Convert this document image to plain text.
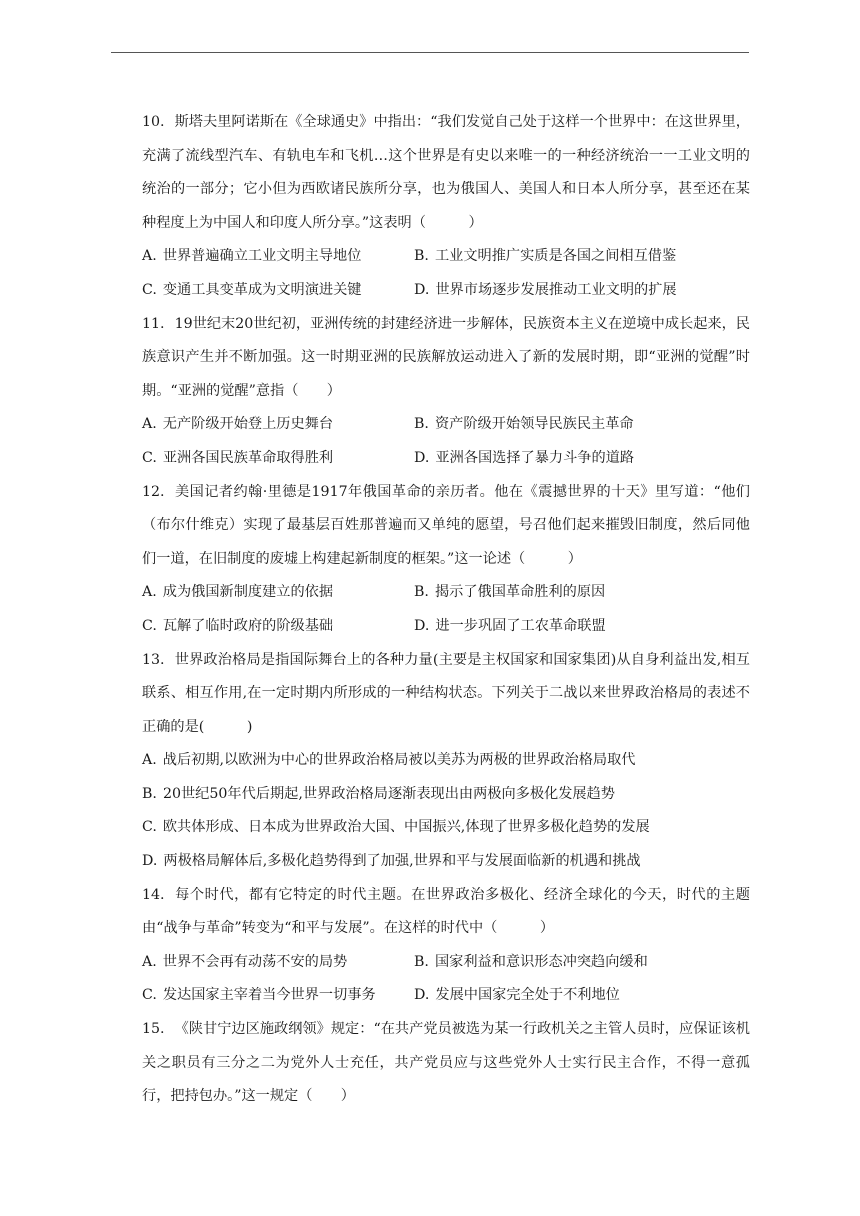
10. 斯塔夫里阿诺斯在《全球通史》中指出：“我们发觉自己处于这样一个世界中：在这世界里，充满了流线型汽车、有轨电车和飞机…这个世界是有史以来唯一的一种经济统治一一工业文明的统治的一部分；它小但为西欧诸民族所分享，也为俄国人、美国人和日本人所分享，甚至还在某种程度上为中国人和印度人所分享。”这表明（　　　）

A. 世界普遍确立工业文明主导地位	B. 工业文明推广实质是各国之间相互借鉴
C. 变通工具变革成为文明演进关键	D. 世界市场逐步发展推动工业文明的扩展

11. 19世纪末20世纪初，亚洲传统的封建经济进一步解体，民族资本主义在逆境中成长起来，民族意识产生并不断加强。这一时期亚洲的民族解放运动进入了新的发展时期，即“亚洲的觉醒”时期。“亚洲的觉醒”意指（　　）

A. 无产阶级开始登上历史舞台	B. 资产阶级开始领导民族民主革命
C. 亚洲各国民族革命取得胜利	D. 亚洲各国选择了暴力斗争的道路

12. 美国记者约翰·里德是1917年俄国革命的亲历者。他在《震撼世界的十天》里写道：“他们（布尔什维克）实现了最基层百姓那普遍而又单纯的愿望，号召他们起来摧毁旧制度，然后同他们一道，在旧制度的废墟上构建起新制度的框架。”这一论述（　　　）

A. 成为俄国新制度建立的依据	B. 揭示了俄国革命胜利的原因
C. 瓦解了临时政府的阶级基础	D. 进一步巩固了工农革命联盟

13. 世界政治格局是指国际舞台上的各种力量(主要是主权国家和国家集团)从自身利益出发,相互联系、相互作用,在一定时期内所形成的一种结构状态。下列关于二战以来世界政治格局的表述不正确的是(　　　)

A. 战后初期,以欧洲为中心的世界政治格局被以美苏为两极的世界政治格局取代
B. 20世纪50年代后期起,世界政治格局逐渐表现出由两极向多极化发展趋势
C. 欧共体形成、日本成为世界政治大国、中国振兴,体现了世界多极化趋势的发展
D. 两极格局解体后,多极化趋势得到了加强,世界和平与发展面临新的机遇和挑战

14. 每个时代，都有它特定的时代主题。在世界政治多极化、经济全球化的今天，时代的主题由“战争与革命”转变为“和平与发展”。在这样的时代中（　　　）

A. 世界不会再有动荡不安的局势	B. 国家利益和意识形态冲突趋向缓和
C. 发达国家主宰着当今世界一切事务	D. 发展中国家完全处于不利地位

15. 《陕甘宁边区施政纲领》规定：“在共产党员被选为某一行政机关之主管人员时，应保证该机关之职员有三分之二为党外人士充任，共产党员应与这些党外人士实行民主合作，不得一意孤行，把持包办。”这一规定（　　）
